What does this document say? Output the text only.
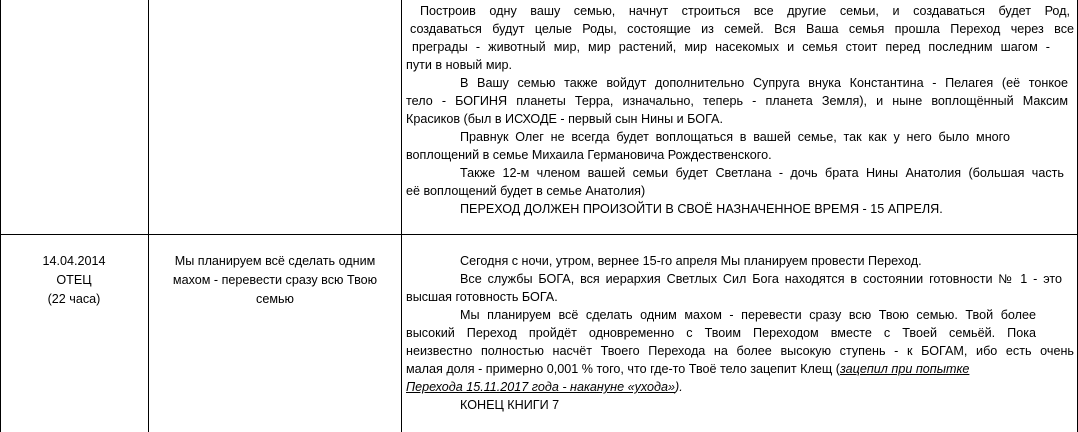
Построив одну вашу семью, начнут строиться все другие семьи, и создаваться будет Род,
создаваться будут целые Роды, состоящие из семей. Вся Ваша семья прошла Переход через все
преграды - животный мир, мир растений, мир насекомых и семья стоит перед последним шагом -
пути в новый мир.
В Вашу семью также войдут дополнительно Супруга внука Константина - Пелагея (её тонкое
тело - БОГИНЯ планеты Терра, изначально, теперь - планета Земля), и ныне воплощённый Максим
Красиков (был в ИСХОДЕ - первый сын Нины и БОГА.
Правнук Олег не всегда будет воплощаться в вашей семье, так как у него было много
воплощений в семье Михаила Германовича Рождественского.
Также 12-м членом вашей семьи будет Светлана - дочь брата Нины Анатолия (большая часть
её воплощений будет в семье Анатолия)
ПЕРЕХОД ДОЛЖЕН ПРОИЗОЙТИ В СВОЁ НАЗНАЧЕННОЕ ВРЕМЯ - 15 АПРЕЛЯ.
14.04.2014
ОТЕЦ
(22 часа)
Мы планируем всё сделать одним
махом - перевести сразу всю Твою
семью
Сегодня с ночи, утром, вернее 15-го апреля Мы планируем провести Переход.
Все службы БОГА, вся иерархия Светлых Сил Бога находятся в состоянии готовности № 1 - это
высшая готовность БОГА.
Мы планируем всё сделать одним махом - перевести сразу всю Твою семью. Твой более
высокий Переход пройдёт одновременно с Твоим Переходом вместе с Твоей семьёй. Пока
неизвестно полностью насчёт Твоего Перехода на более высокую ступень - к БОГАМ, ибо есть очень
малая доля - примерно 0,001 % того, что где-то Твоё тело зацепит Клещ (зацепил при попытке
Перехода 15.11.2017 года - накануне «ухода»).
КОНЕЦ КНИГИ 7
